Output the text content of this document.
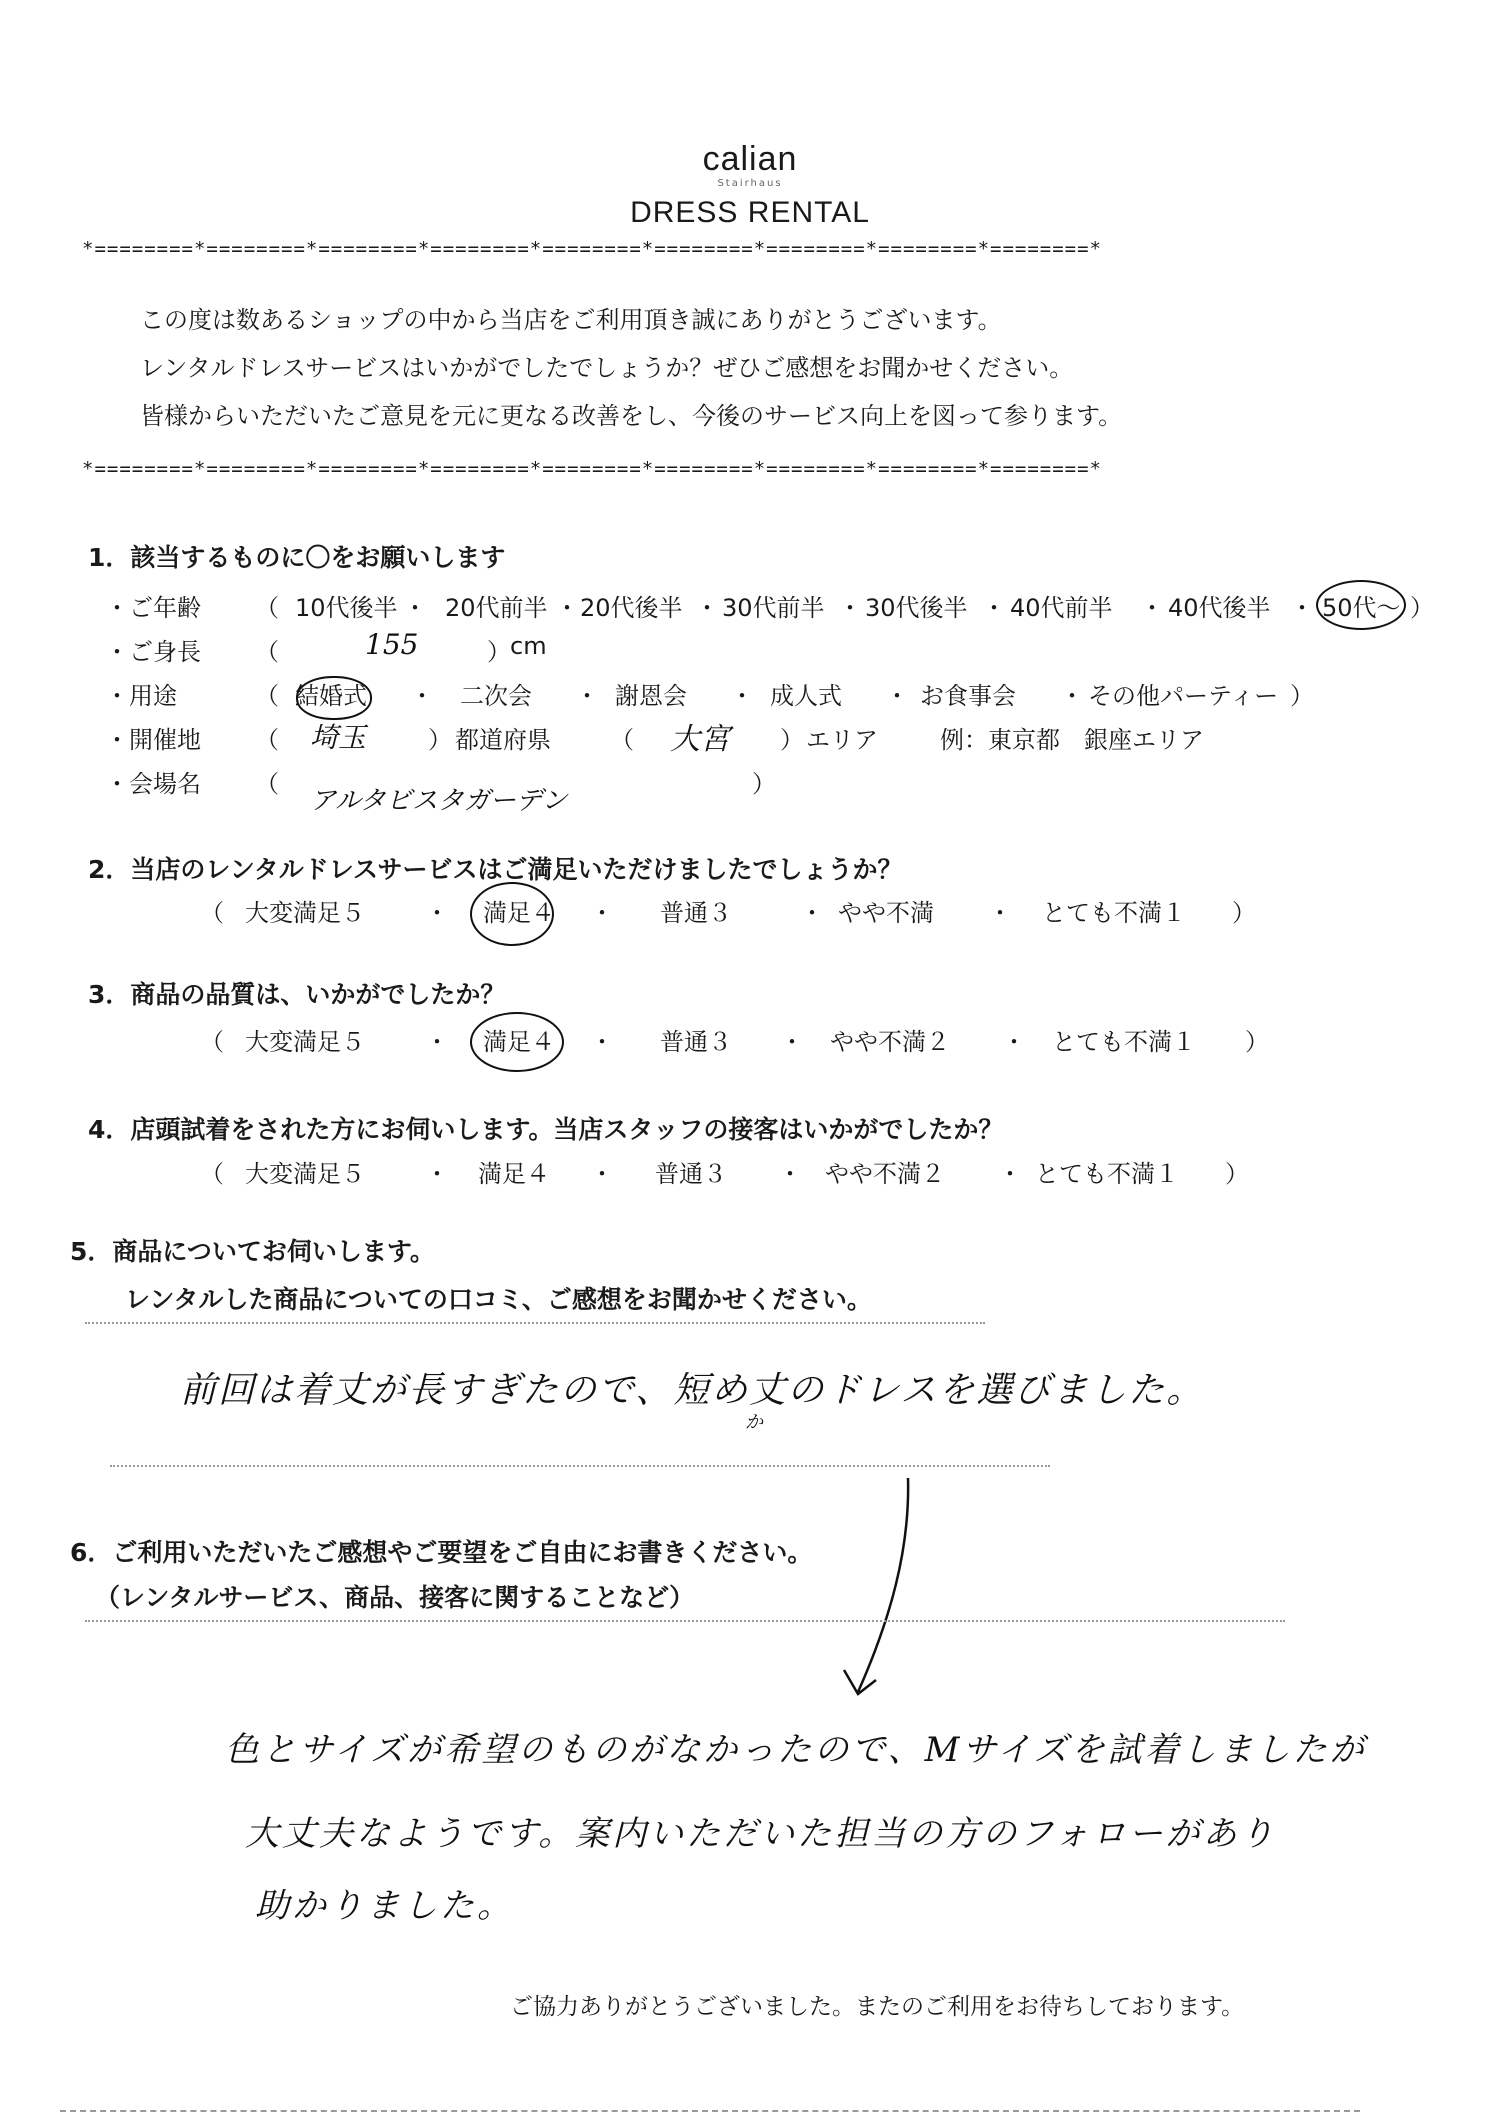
calian
Stairhaus
DRESS RENTAL
*========*========*========*========*========*========*========*========*========*
この度は数あるショップの中から当店をご利用頂き誠にありがとうございます。
レンタルドレスサービスはいかがでしたでしょうか？ぜひご感想をお聞かせください。
皆様からいただいたご意見を元に更なる改善をし、今後のサービス向上を図って参ります。
*========*========*========*========*========*========*========*========*========*
1．該当するものに〇をお願いします
・ご年齢 （ 10代後半 ・ 20代前半 ・ 20代後半 ・ 30代前半 ・ 30代後半 ・ 40代前半 ・ 40代後半 ・ 50代～ ）
・ご身長 （	155	） cm
・用途	（ 結婚式 ・ 二次会 ・ 謝恩会 ・ 成人式 ・ お食事会 ・ その他パーティー ）
・開催地 （ 埼玉	） 都道府県 （ 大宮 ） エリア	例：東京都　銀座エリア
・会場名 （
アルタビスタガーデン
）
2．当店のレンタルドレスサービスはご満足いただけましたでしょうか？
（ 大変満足５	・ 満足４ ・ 普通３	・ やや不満 ・ とても不満１ ）
3．商品の品質は、いかがでしたか？
（ 大変満足５	・ 満足４ ・ 普通３ ・ やや不満２ ・ とても不満１ ）
4．店頭試着をされた方にお伺いします。当店スタッフの接客はいかがでしたか？
（ 大変満足５	・ 満足４ ・ 普通３ ・ やや不満２ ・ とても不満１ ）
5．商品についてお伺いします。
レンタルした商品についての口コミ、ご感想をお聞かせください。
前回は着丈が長すぎたので、短め丈のドレスを選びました。
か
6．ご利用いただいたご感想やご要望をご自由にお書きください。
（レンタルサービス、商品、接客に関することなど）
色とサイズが希望のものがなかったので、Mサイズを試着しましたが
大丈夫なようです。案内いただいた担当の方のフォローがあり
助かりました。
ご協力ありがとうございました。またのご利用をお待ちしております。
